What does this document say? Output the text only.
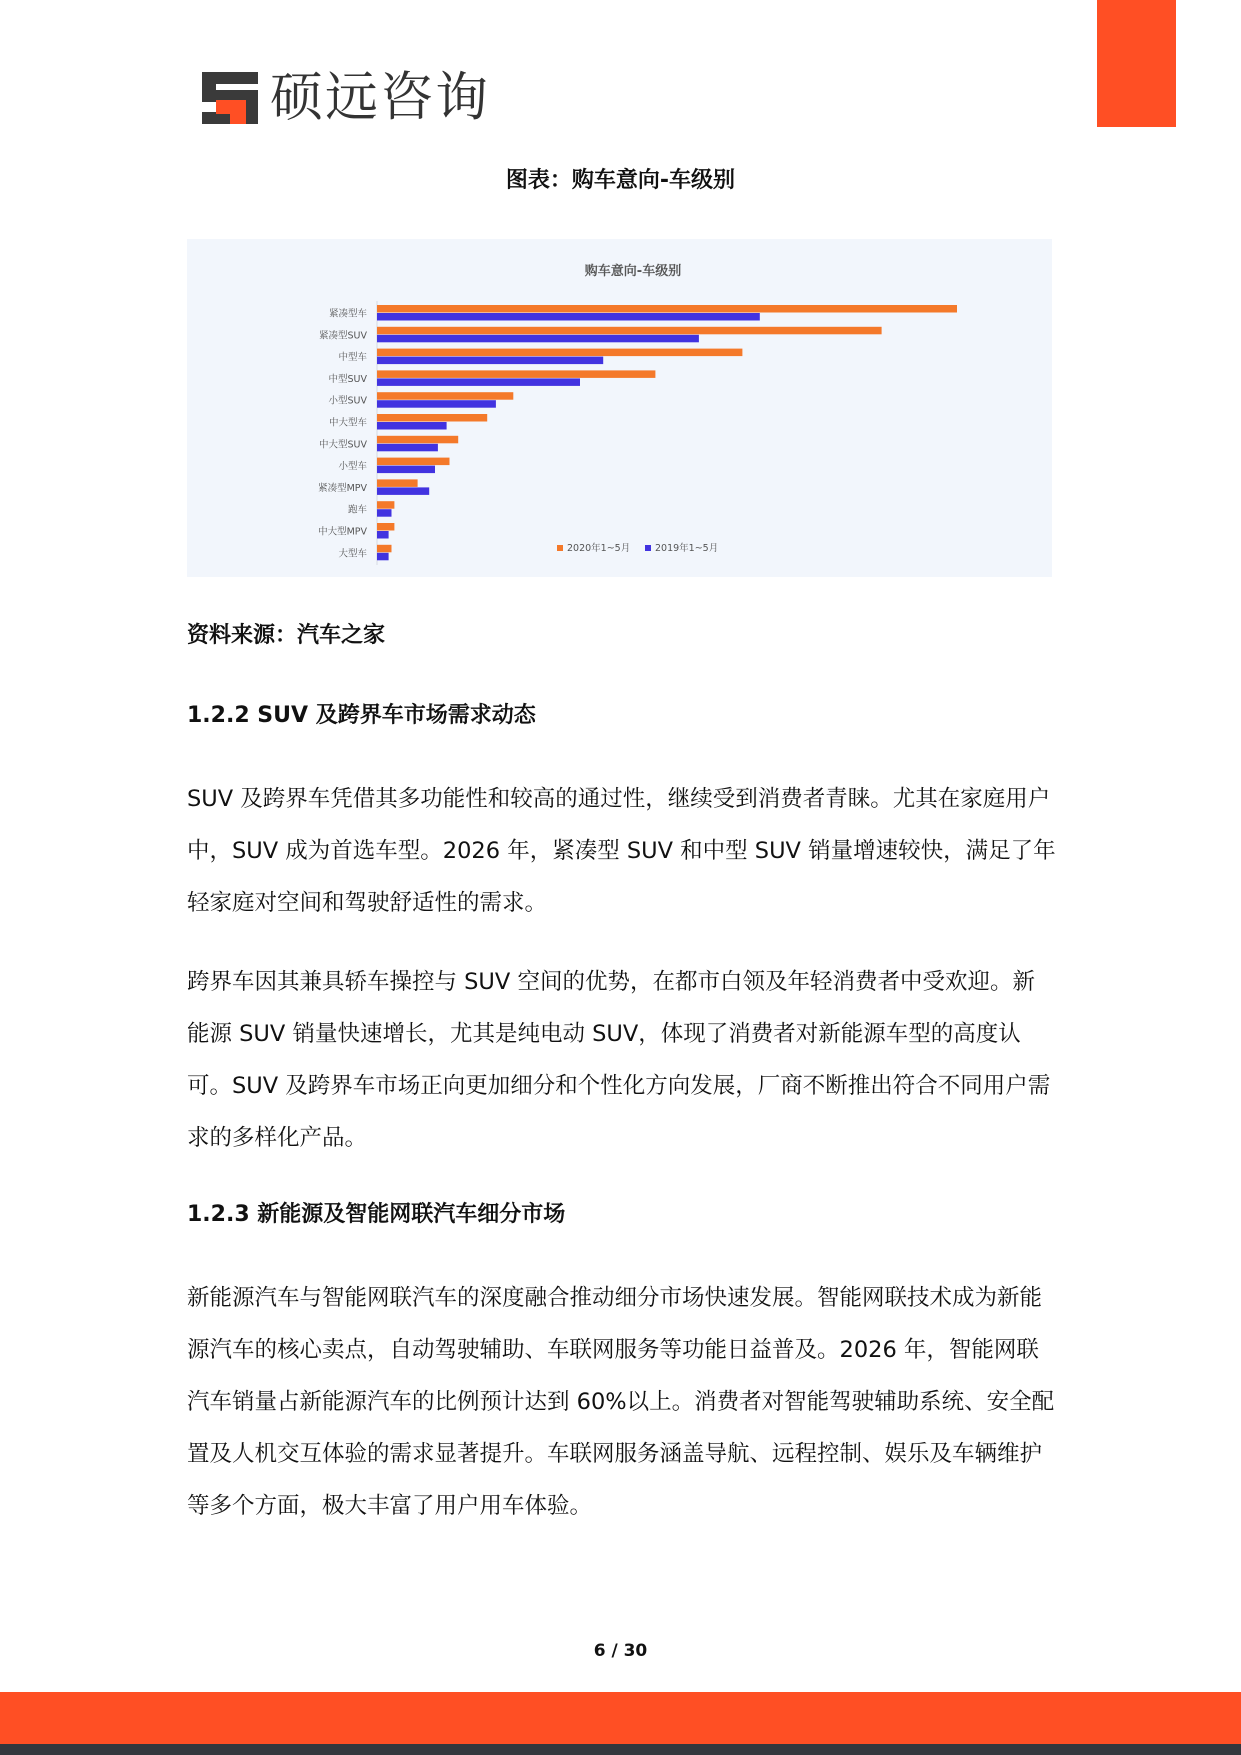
硕远咨询
图表：购车意向-车级别
购车意向-车级别
紧凑型车
紧凑型SUV
中型车
中型SUV
小型SUV
中大型车
中大型SUV
小型车
紧凑型MPV
跑车
中大型MPV
大型车	2020年1~5月	2019年1~5月
资料来源：汽车之家
1.2.2 SUV 及跨界车市场需求动态

SUV 及跨界车凭借其多功能性和较高的通过性，继续受到消费者青睐。尤其在家庭用户中，SUV 成为首选车型。2026 年，紧凑型 SUV 和中型 SUV 销量增速较快，满足了年轻家庭对空间和驾驶舒适性的需求。

跨界车因其兼具轿车操控与 SUV 空间的优势，在都市白领及年轻消费者中受欢迎。新能源 SUV 销量快速增长，尤其是纯电动 SUV，体现了消费者对新能源车型的高度认可。SUV 及跨界车市场正向更加细分和个性化方向发展，厂商不断推出符合不同用户需求的多样化产品。

1.2.3 新能源及智能网联汽车细分市场

新能源汽车与智能网联汽车的深度融合推动细分市场快速发展。智能网联技术成为新能源汽车的核心卖点，自动驾驶辅助、车联网服务等功能日益普及。2026 年，智能网联汽车销量占新能源汽车的比例预计达到 60%以上。消费者对智能驾驶辅助系统、安全配置及人机交互体验的需求显著提升。车联网服务涵盖导航、远程控制、娱乐及车辆维护等多个方面，极大丰富了用户用车体验。

6 / 30
